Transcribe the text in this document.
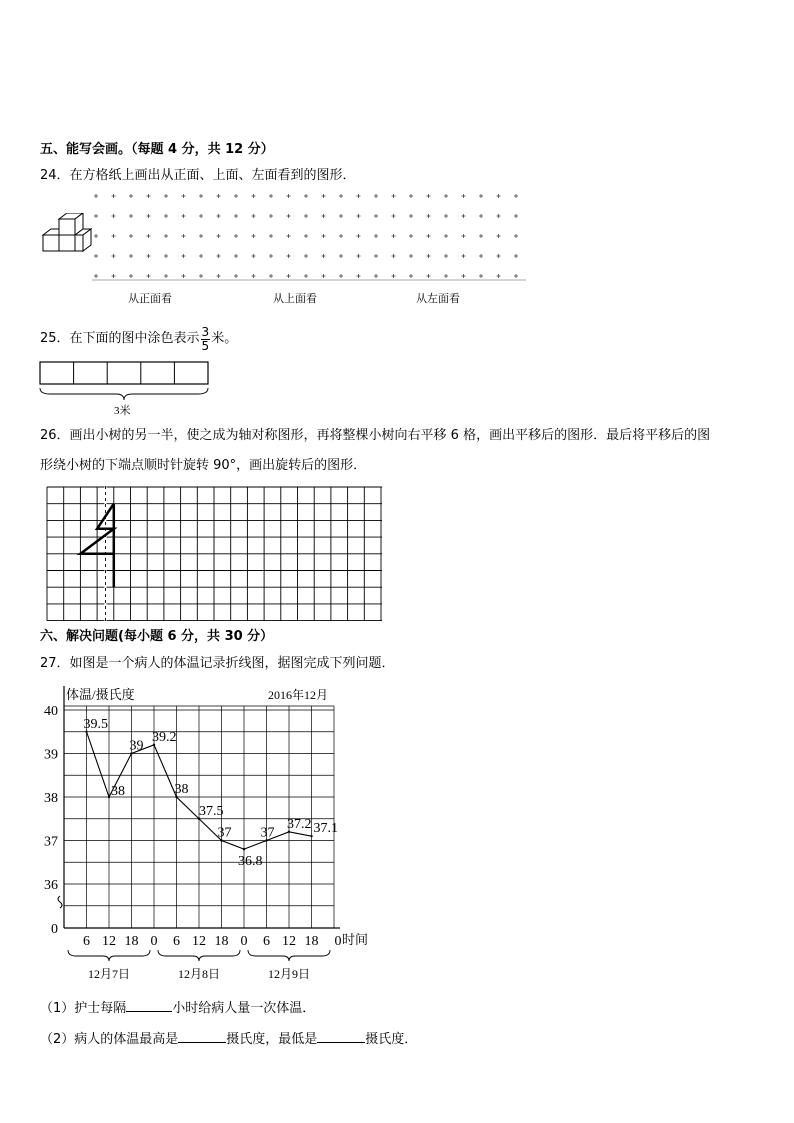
五、能写会画。（每题 4 分，共 12 分）
24．在方格纸上画出从正面、上面、左面看到的图形．
从正面看	从上面看	从左面看
25．在下面的图中涂色表示 $\frac{3}{5}$ 米。
3米
26．画出小树的另一半，使之成为轴对称图形，再将整棵小树向右平移 6 格，画出平移后的图形．最后将平移后的图
形绕小树的下端点顺时针旋转 90°，画出旋转后的图形．
六、解决问题(每小题 6 分，共 30 分）
27．如图是一个病人的体温记录折线图，据图完成下列问题．
体温/摄氏度	2016年12月
40
39
38
37
36
0
6 12 18 0 6 12 18 0 6 12 18 0 时间
12月7日	12月8日	12月9日
39.5
38
39
39.2
38
37.5
37
36.8
37
37.2 37.1
（1）护士每隔	小时给病人量一次体温．
（2）病人的体温最高是	摄氏度，最低是	摄氏度．
